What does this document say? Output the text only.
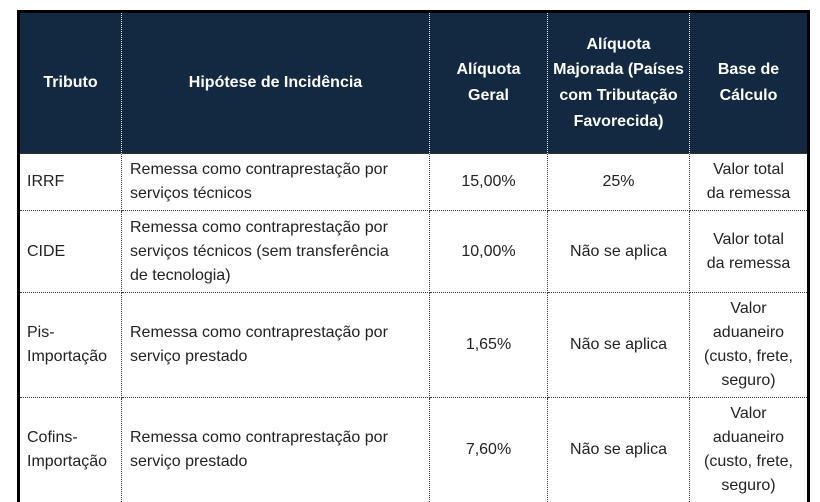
Tributo	Hipótese de Incidência	Alíquota Geral	Alíquota Majorada (Países com Tributação Favorecida)	Base de Cálculo
IRRF	Remessa como contraprestação por serviços técnicos	15,00%	25%	Valor total da remessa
CIDE	Remessa como contraprestação por serviços técnicos (sem transferência de tecnologia)	10,00%	Não se aplica	Valor total da remessa
Pis-Importação	Remessa como contraprestação por serviço prestado	1,65%	Não se aplica	Valor aduaneiro (custo, frete, seguro)
Cofins-Importação	Remessa como contraprestação por serviço prestado	7,60%	Não se aplica	Valor aduaneiro (custo, frete, seguro)
